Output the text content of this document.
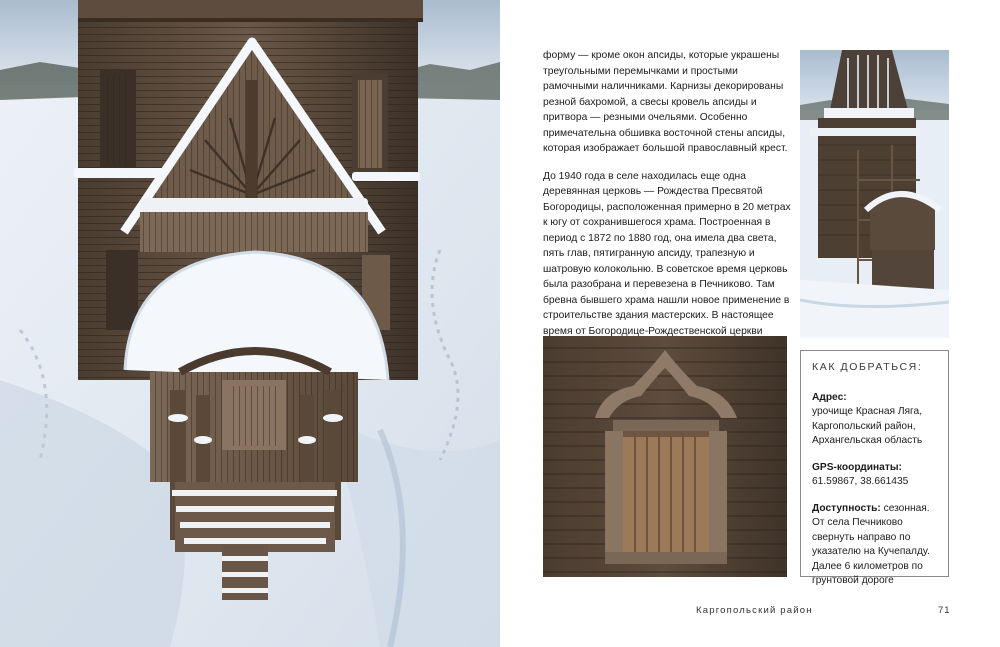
форму — кроме окон апсиды, которые украшены треугольными перемычками и простыми рамочными наличниками. Карнизы декорированы резной бахромой, а свесы кровель апсиды и притвора — резными очельями. Особенно примечательна обшивка восточной стены апсиды, которая изображает большой православный крест.

До 1940 года в селе находилась еще одна деревянная церковь — Рождества Пресвятой Богородицы, расположенная примерно в 20 метрах к югу от сохранившегося храма. Построенная в период с 1872 по 1880 год, она имела два света, пять глав, пятигранную апсиду, трапезную и шатровую колокольню. В советское время церковь была разобрана и перевезена в Печниково. Там бревна бывшего храма нашли новое применение в строительстве здания мастерских. В настоящее время от Богородице-Рождественской церкви

КАК ДОБРАТЬСЯ:
Адрес:
урочище Красная Ляга, Каргопольский район, Архангельская область
GPS-координаты:
61.59867, 38.661435
Доступность: сезонная. От села Печниково свернуть направо по указателю на Кучепалду. Далее 6 километров по грунтовой дороге
Каргопольский район	71
